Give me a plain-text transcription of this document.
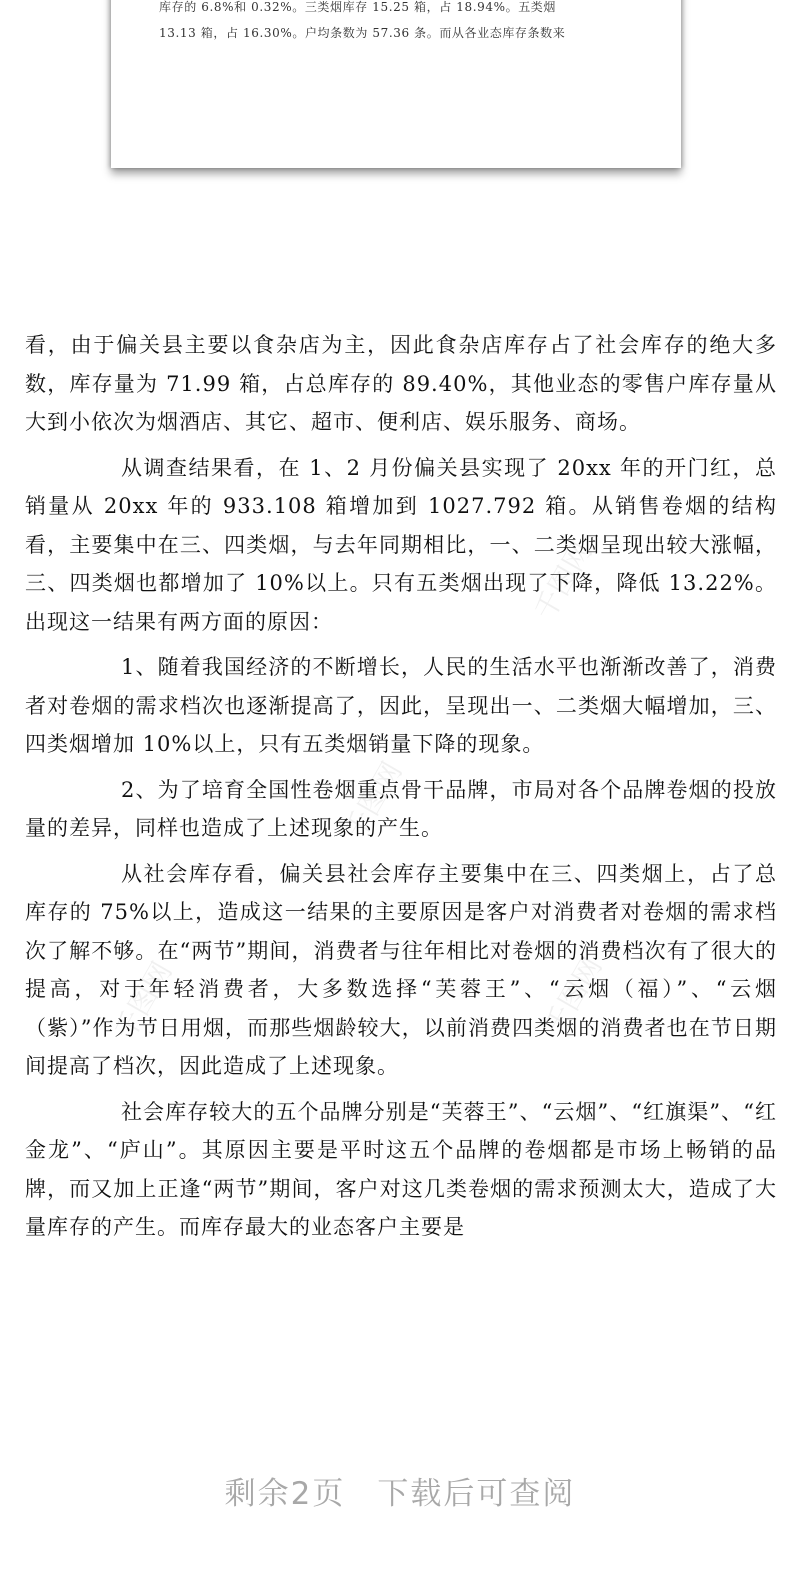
库存的 6.8%和 0.32%。三类烟库存 15.25 箱，占 18.94%。五类烟

13.13 箱，占 16.30%。户均条数为 57.36 条。而从各业态库存条数来

千图网
千图网
千图网
千图网

看，由于偏关县主要以食杂店为主，因此食杂店库存占了社会库存的绝大多数，库存量为 71.99 箱，占总库存的 89.40%，其他业态的零售户库存量从大到小依次为烟酒店、其它、超市、便利店、娱乐服务、商场。

从调查结果看，在 1、2 月份偏关县实现了 20xx 年的开门红，总销量从 20xx 年的 933.108 箱增加到 1027.792 箱。从销售卷烟的结构看，主要集中在三、四类烟，与去年同期相比，一、二类烟呈现出较大涨幅，三、四类烟也都增加了 10%以上。只有五类烟出现了下降，降低 13.22%。出现这一结果有两方面的原因：

1、随着我国经济的不断增长，人民的生活水平也渐渐改善了，消费者对卷烟的需求档次也逐渐提高了，因此，呈现出一、二类烟大幅增加，三、四类烟增加 10%以上，只有五类烟销量下降的现象。

2、为了培育全国性卷烟重点骨干品牌，市局对各个品牌卷烟的投放量的差异，同样也造成了上述现象的产生。

从社会库存看，偏关县社会库存主要集中在三、四类烟上，占了总库存的 75%以上，造成这一结果的主要原因是客户对消费者对卷烟的需求档次了解不够。在“两节”期间，消费者与往年相比对卷烟的消费档次有了很大的提高，对于年轻消费者，大多数选择“芙蓉王”、“云烟（福）”、“云烟（紫）”作为节日用烟，而那些烟龄较大，以前消费四类烟的消费者也在节日期间提高了档次，因此造成了上述现象。

社会库存较大的五个品牌分别是“芙蓉王”、“云烟”、“红旗渠”、“红金龙”、“庐山”。其原因主要是平时这五个品牌的卷烟都是市场上畅销的品牌，而又加上正逢“两节”期间，客户对这几类卷烟的需求预测太大，造成了大量库存的产生。而库存最大的业态客户主要是

剩余2页 下载后可查阅
